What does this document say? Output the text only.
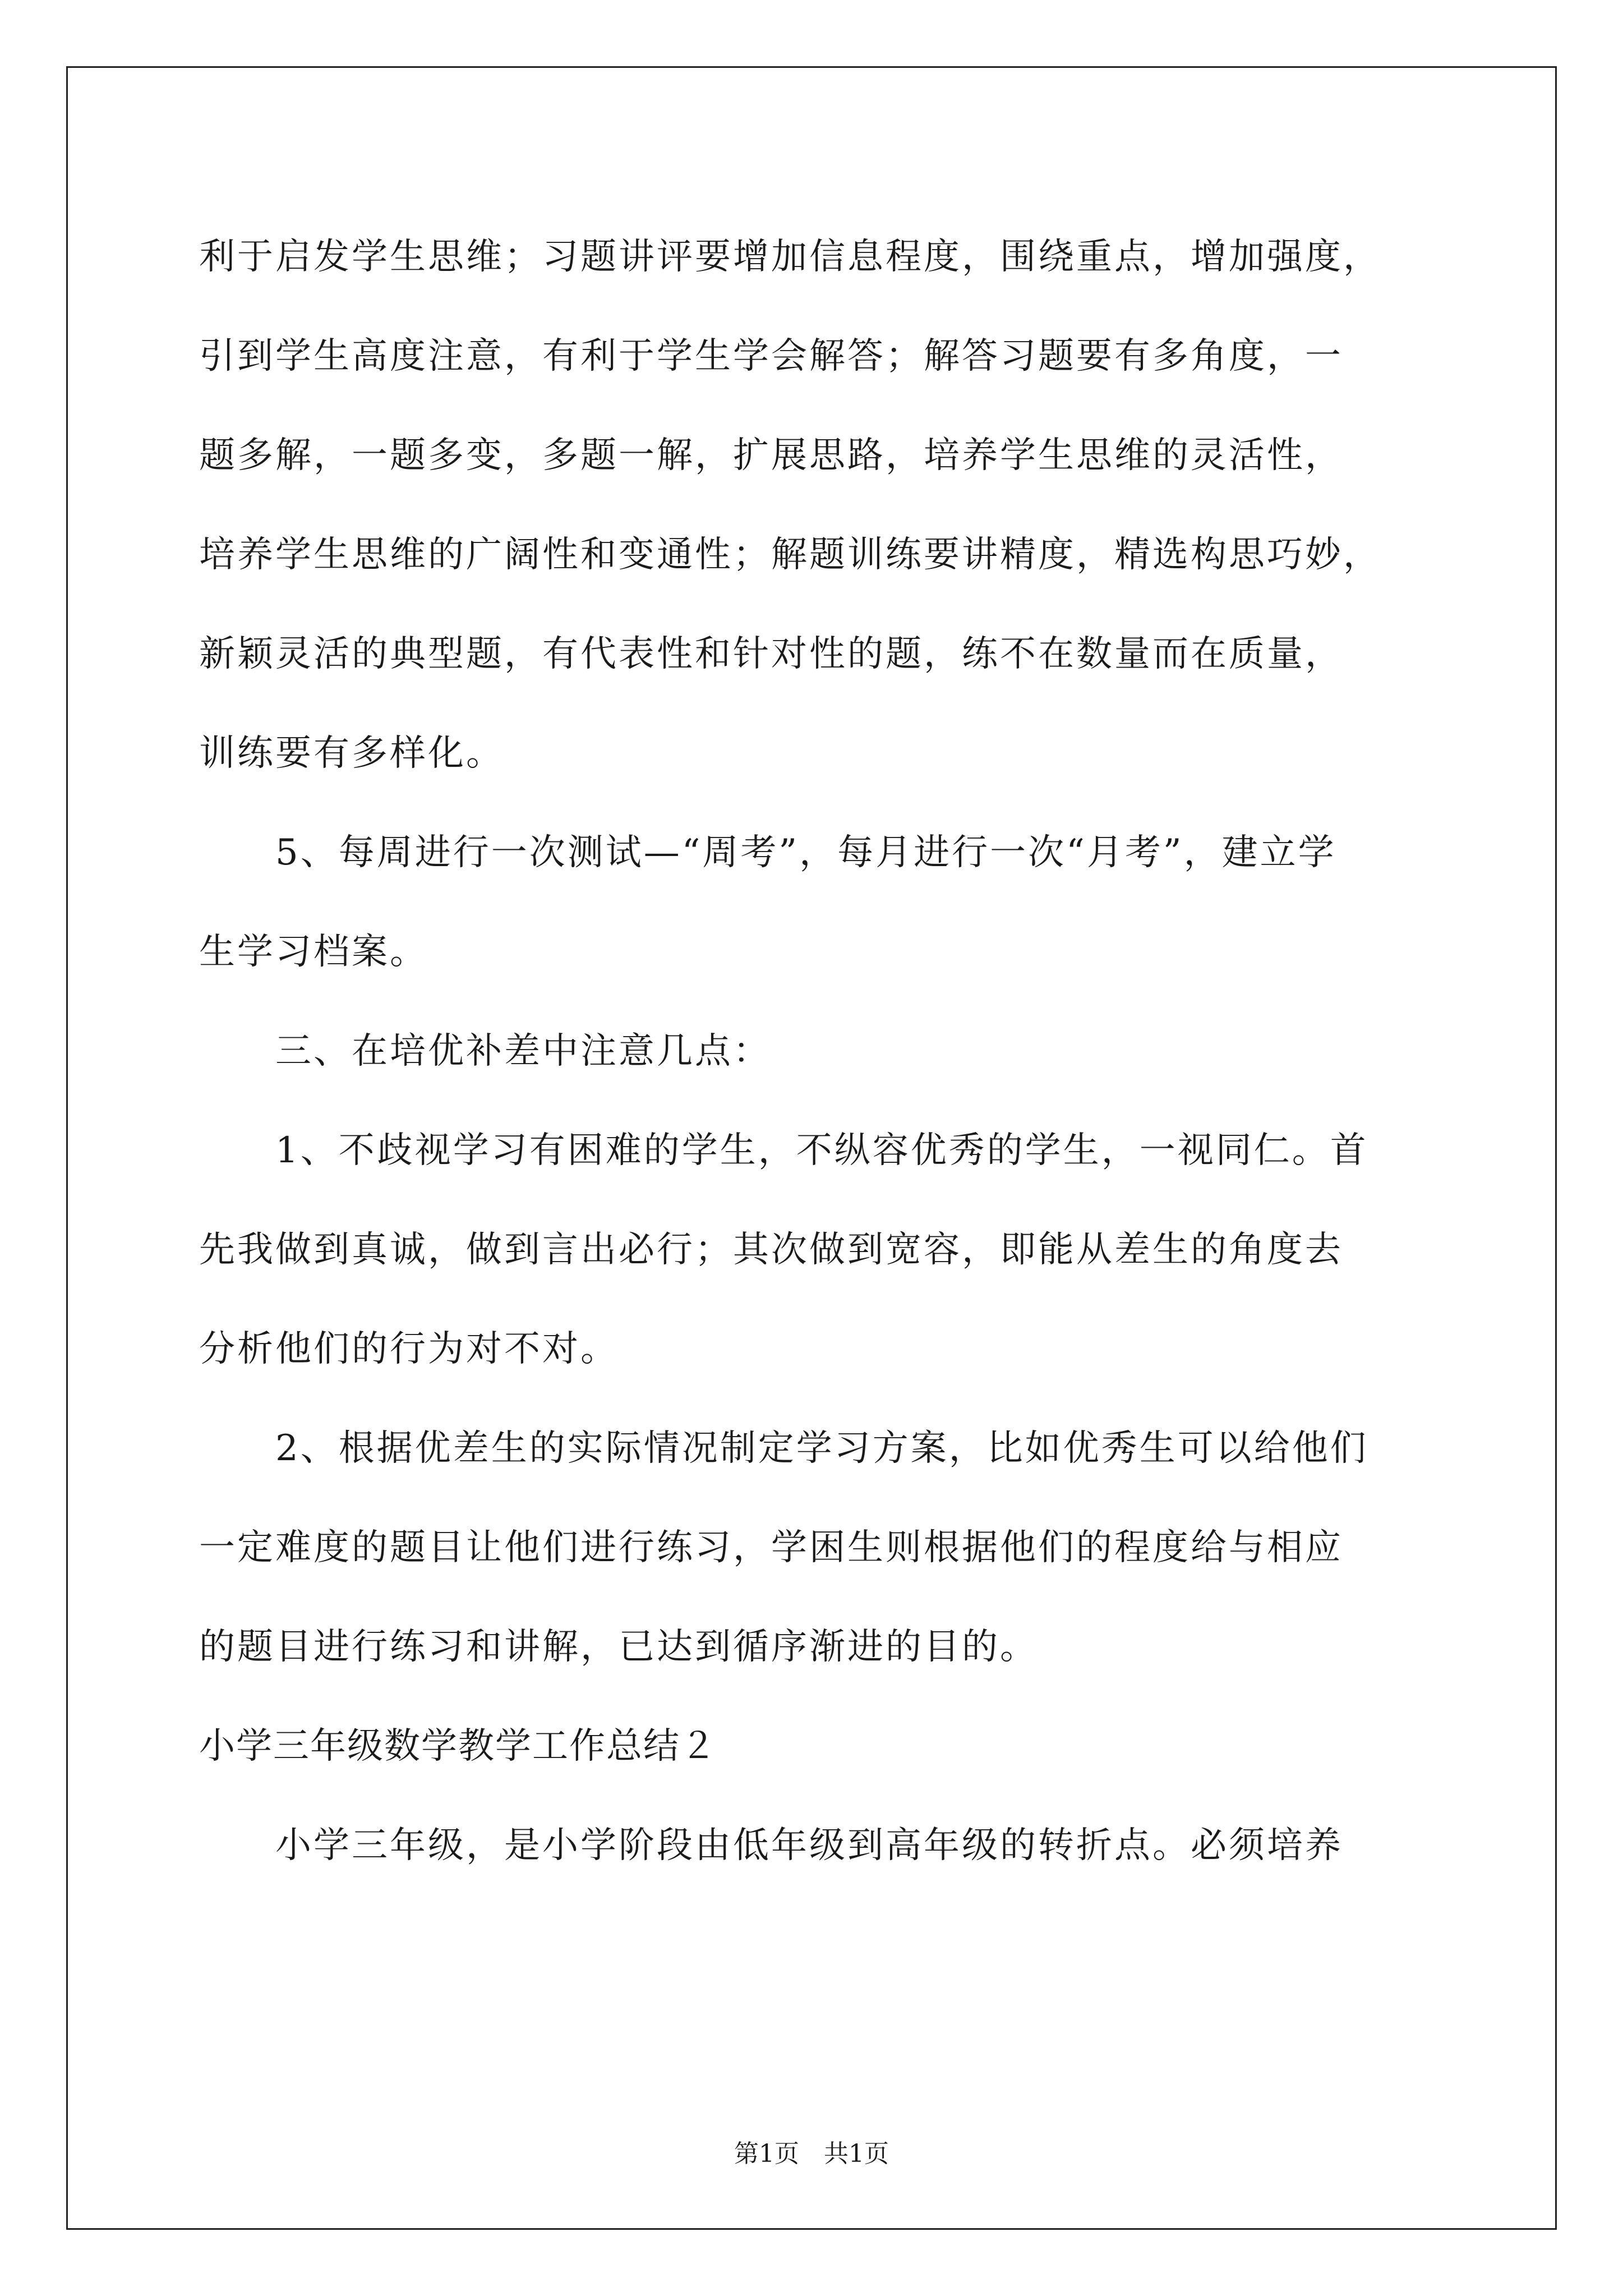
利于启发学生思维；习题讲评要增加信息程度，围绕重点，增加强度，
引到学生高度注意，有利于学生学会解答；解答习题要有多角度，一
题多解，一题多变，多题一解，扩展思路，培养学生思维的灵活性，
培养学生思维的广阔性和变通性；解题训练要讲精度，精选构思巧妙，
新颖灵活的典型题，有代表性和针对性的题，练不在数量而在质量，
训练要有多样化。
　　5、每周进行一次测试—“周考”，每月进行一次“月考”，建立学
生学习档案。
　　三、在培优补差中注意几点：
　　1、不歧视学习有困难的学生，不纵容优秀的学生，一视同仁。首
先我做到真诚，做到言出必行；其次做到宽容，即能从差生的角度去
分析他们的行为对不对。
　　2、根据优差生的实际情况制定学习方案，比如优秀生可以给他们
一定难度的题目让他们进行练习，学困生则根据他们的程度给与相应
的题目进行练习和讲解，已达到循序渐进的目的。
小学三年级数学教学工作总结２
　　小学三年级，是小学阶段由低年级到高年级的转折点。必须培养
第1页　共1页
